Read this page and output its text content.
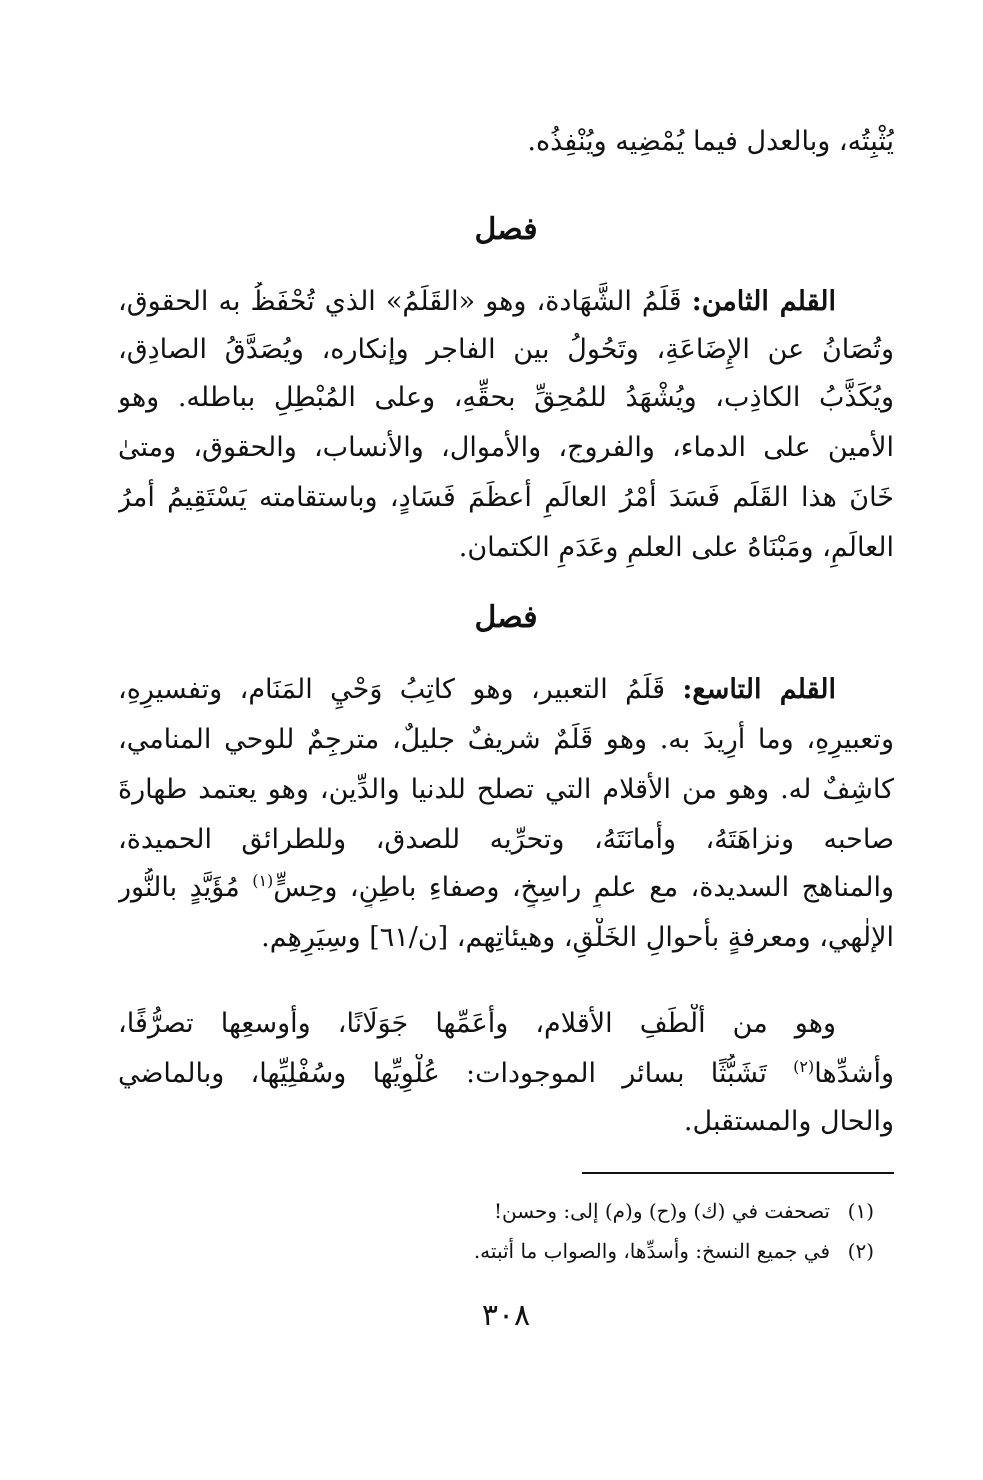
يُثْبِتُه، وبالعدل فيما يُمْضِيه ويُنْفِذُه.
فصل
القلم الثامن: قَلَمُ الشَّهَادة، وهو «القَلَمُ» الذي تُحْفَظُ به الحقوق،
وتُصَانُ عن الإِضَاعَةِ، وتَحُولُ بين الفاجر وإنكاره، ويُصَدَّقُ الصادِق،
ويُكَذَّبُ الكاذِب، ويُشْهَدُ للمُحِقِّ بحقِّهِ، وعلى المُبْطِلِ بباطله. وهو
الأمين على الدماء، والفروج، والأموال، والأنساب، والحقوق، ومتىٰ
خَانَ هذا القَلَم فَسَدَ أَمْرُ العالَمِ أعظَمَ فَسَادٍ، وباستقامته يَسْتَقِيمُ أمرُ
العالَمِ، ومَبْنَاهُ على العلمِ وعَدَمِ الكتمان.
فصل
القلم التاسع: قَلَمُ التعبير، وهو كاتِبُ وَحْيِ المَنَام، وتفسيرِهِ،
وتعبيرِهِ، وما أُرِيدَ به. وهو قَلَمٌ شريفٌ جليلٌ، مترجِمٌ للوحي المنامي،
كاشِفٌ له. وهو من الأقلام التي تصلح للدنيا والدِّين، وهو يعتمد طهارةَ
صاحبه ونزاهَتَهُ، وأمانَتَهُ، وتحرِّيه للصدق، وللطرائق الحميدة،
والمناهج السديدة، مع علمٍ راسِخٍ، وصفاءِ باطِنٍ، وحِسٍّ$^{(١)}$ مُؤَيَّدٍ بالنُّور
الإلٰهي، ومعرفةٍ بأحوالِ الخَلْقِ، وهيئاتِهم، [ن/٦١] وسِيَرِهِم.
وهو من أَلْطَفِ الأقلام، وأَعَمِّها جَوَلَانًا، وأوسعِها تصرُّفًا،
وأشدِّها$^{(٢)}$ تَشَبُّثًا بسائر الموجودات: عُلْوِيِّها وسُفْلِيِّها، وبالماضي
والحال والمستقبل.
(١)تصحفت في (ك) و(ح) و(م) إلى: وحسن!
(٢)في جميع النسخ: وأسدِّها، والصواب ما أثبته.
٣٠٨
